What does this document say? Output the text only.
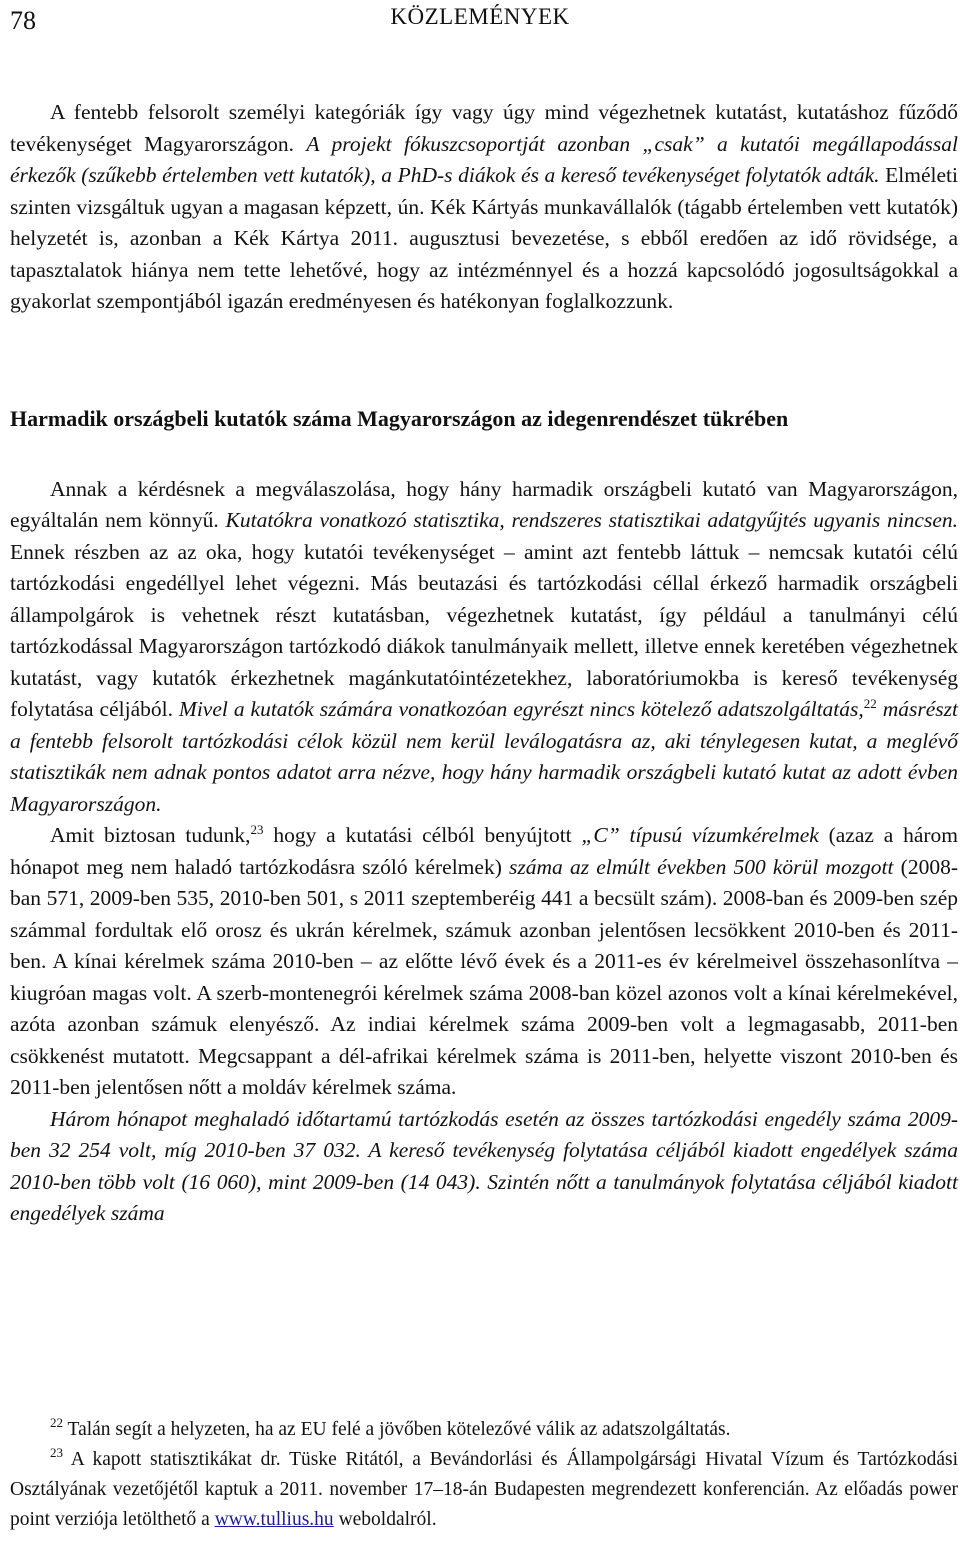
78	KÖZLEMÉNYEK

A fentebb felsorolt személyi kategóriák így vagy úgy mind végezhetnek kutatást, kutatáshoz fűződő tevékenységet Magyarországon. A projekt fókuszcsoportját azonban „csak” a kutatói megállapodással érkezők (szűkebb értelemben vett kutatók), a PhD-s diákok és a kereső tevékenységet folytatók adták. Elméleti szinten vizsgáltuk ugyan a magasan képzett, ún. Kék Kártyás munkavállalók (tágabb értelemben vett kutatók) helyzetét is, azonban a Kék Kártya 2011. augusztusi bevezetése, s ebből eredően az idő rövidsége, a tapasztalatok hiánya nem tette lehetővé, hogy az intézménnyel és a hozzá kapcsolódó jogosultságokkal a gyakorlat szempontjából igazán eredményesen és hatékonyan foglalkozzunk.

Harmadik országbeli kutatók száma Magyarországon az idegenrendészet tükrében

Annak a kérdésnek a megválaszolása, hogy hány harmadik országbeli kutató van Magyarországon, egyáltalán nem könnyű. Kutatókra vonatkozó statisztika, rendszeres statisztikai adatgyűjtés ugyanis nincsen. Ennek részben az az oka, hogy kutatói tevékenységet – amint azt fentebb láttuk – nemcsak kutatói célú tartózkodási engedéllyel lehet végezni. Más beutazási és tartózkodási céllal érkező harmadik országbeli állampolgárok is vehetnek részt kutatásban, végezhetnek kutatást, így például a tanulmányi célú tartózkodással Magyarországon tartózkodó diákok tanulmányaik mellett, illetve ennek keretében végezhetnek kutatást, vagy kutatók érkezhetnek magánkutatóintézetekhez, laboratóriumokba is kereső tevékenység folytatása céljából. Mivel a kutatók számára vonatkozóan egyrészt nincs kötelező adatszolgáltatás,$^{22}$ másrészt a fentebb felsorolt tartózkodási célok közül nem kerül leválogatásra az, aki ténylegesen kutat, a meglévő statisztikák nem adnak pontos adatot arra nézve, hogy hány harmadik országbeli kutató kutat az adott évben Magyarországon.

Amit biztosan tudunk,$^{23}$ hogy a kutatási célból benyújtott „C” típusú vízumkérelmek (azaz a három hónapot meg nem haladó tartózkodásra szóló kérelmek) száma az elmúlt években 500 körül mozgott (2008-ban 571, 2009-ben 535, 2010-ben 501, s 2011 szeptemberéig 441 a becsült szám). 2008-ban és 2009-ben szép számmal fordultak elő orosz és ukrán kérelmek, számuk azonban jelentősen lecsökkent 2010-ben és 2011-ben. A kínai kérelmek száma 2010-ben – az előtte lévő évek és a 2011-es év kérelmeivel összehasonlítva – kiugróan magas volt. A szerb-montenegrói kérelmek száma 2008-ban közel azonos volt a kínai kérelmekével, azóta azonban számuk elenyésző. Az indiai kérelmek száma 2009-ben volt a legmagasabb, 2011-ben csökkenést mutatott. Megcsappant a dél-afrikai kérelmek száma is 2011-ben, helyette viszont 2010-ben és 2011-ben jelentősen nőtt a moldáv kérelmek száma.

Három hónapot meghaladó időtartamú tartózkodás esetén az összes tartózkodási engedély száma 2009-ben 32 254 volt, míg 2010-ben 37 032. A kereső tevékenység folytatása céljából kiadott engedélyek száma 2010-ben több volt (16 060), mint 2009-ben (14 043). Szintén nőtt a tanulmányok folytatása céljából kiadott engedélyek száma

$^{22}$ Talán segít a helyzeten, ha az EU felé a jövőben kötelezővé válik az adatszolgáltatás.

$^{23}$ A kapott statisztikákat dr. Tüske Ritától, a Bevándorlási és Állampolgársági Hivatal Vízum és Tartózkodási Osztályának vezetőjétől kaptuk a 2011. november 17–18-án Budapesten megrendezett konferencián. Az előadás power point verziója letölthető a www.tullius.hu weboldalról.
